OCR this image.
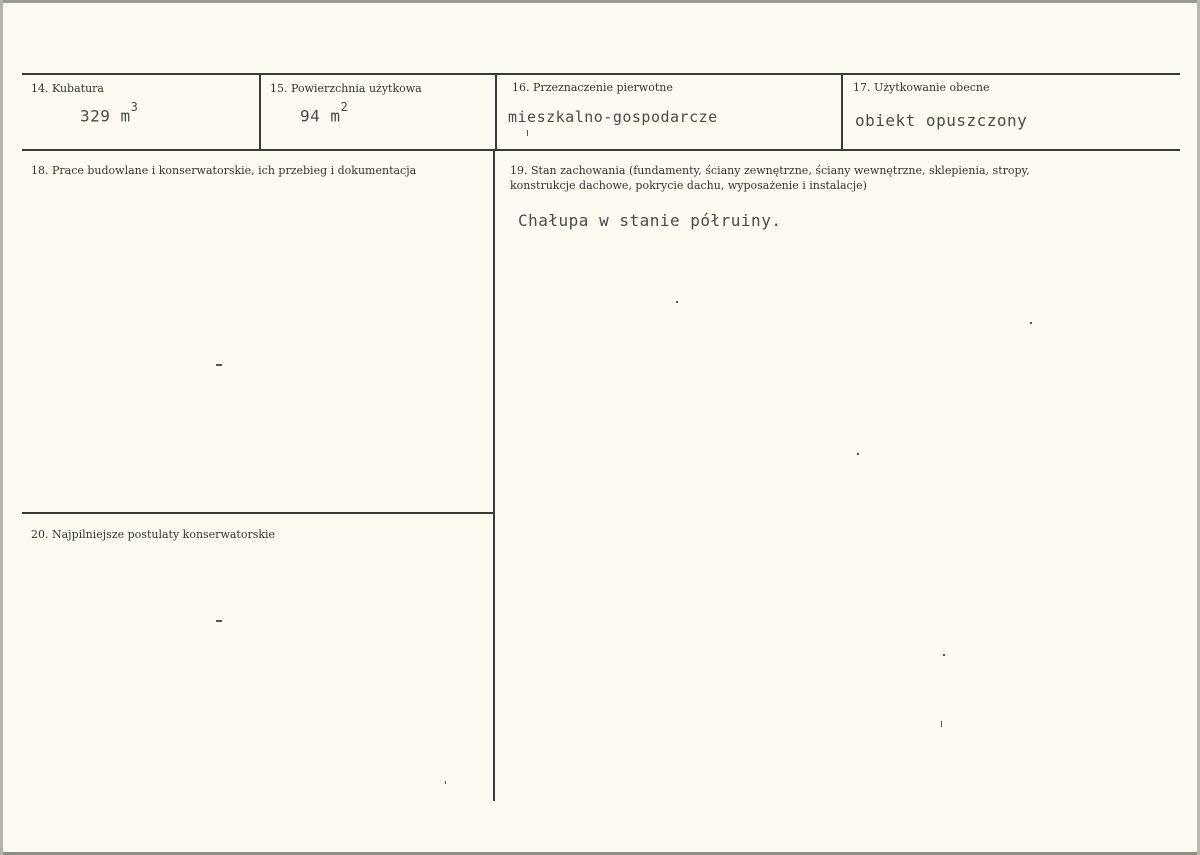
14. Kubatura
329 $m^3$
15. Powierzchnia użytkowa
94 $m^2$
16. Przeznaczenie pierwotne
mieszkalno-gospodarcze
17. Użytkowanie obecne
obiekt opuszczony
18. Prace budowlane i konserwatorskie, ich przebieg i dokumentacja	19. Stan zachowania (fundamenty, ściany zewnętrzne, ściany wewnętrzne, sklepienia, stropy,
konstrukcje dachowe, pokrycie dachu, wyposażenie i instalacje)
Chałupa w stanie półruiny.
20. Najpilniejsze postulaty konserwatorskie
